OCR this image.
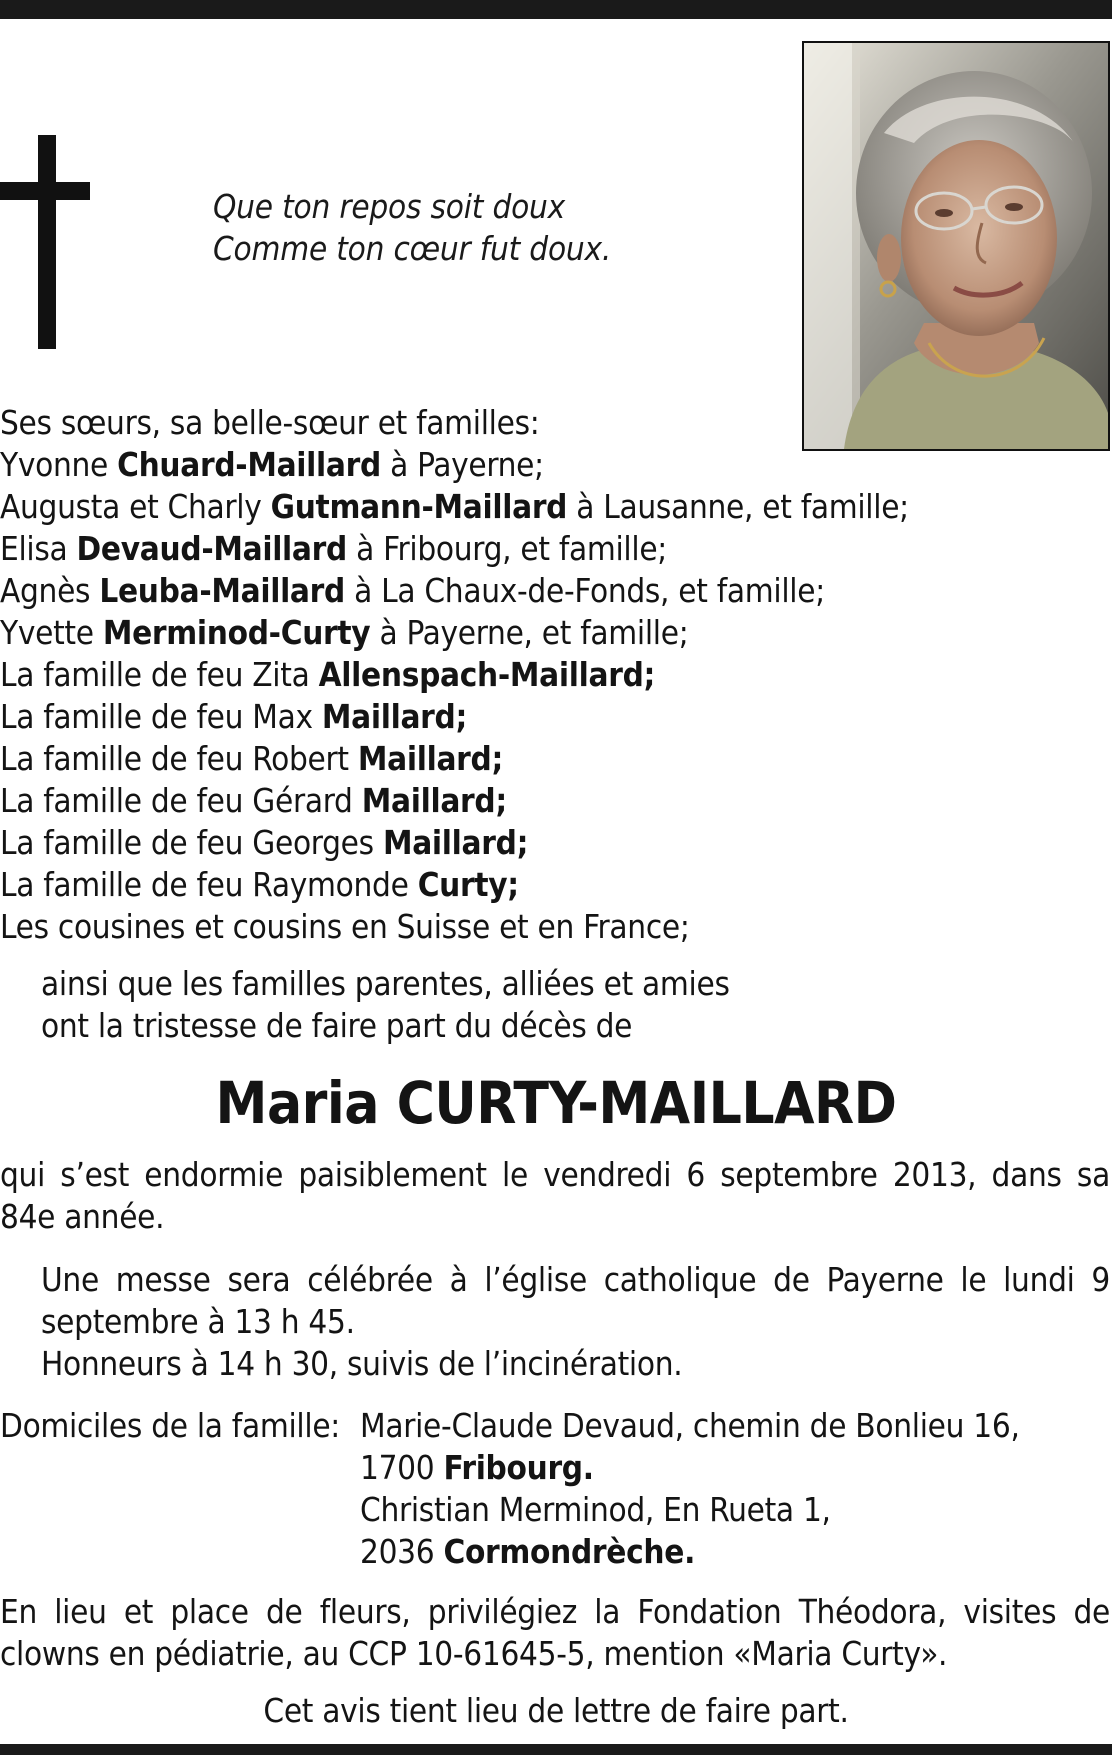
Que ton repos soit doux
Comme ton cœur fut doux.
Ses sœurs, sa belle-sœur et familles:
Yvonne Chuard-Maillard à Payerne;
Augusta et Charly Gutmann-Maillard à Lausanne, et famille;
Elisa Devaud-Maillard à Fribourg, et famille;
Agnès Leuba-Maillard à La Chaux-de-Fonds, et famille;
Yvette Merminod-Curty à Payerne, et famille;
La famille de feu Zita Allenspach-Maillard;
La famille de feu Max Maillard;
La famille de feu Robert Maillard;
La famille de feu Gérard Maillard;
La famille de feu Georges Maillard;
La famille de feu Raymonde Curty;
Les cousines et cousins en Suisse et en France;
ainsi que les familles parentes, alliées et amies
ont la tristesse de faire part du décès de
Maria CURTY-MAILLARD
qui s’est endormie paisiblement le vendredi 6 septembre 2013, dans sa 84e année.
Une messe sera célébrée à l’église catholique de Payerne le lundi 9 septembre à 13 h 45.
Honneurs à 14 h 30, suivis de l’incinération.
Domiciles de la famille: Marie-Claude Devaud, chemin de Bonlieu 16,
1700 Fribourg.
Christian Merminod, En Rueta 1,
2036 Cormondrèche.
En lieu et place de fleurs, privilégiez la Fondation Théodora, visites de clowns en pédiatrie, au CCP 10-61645-5, mention «Maria Curty».
Cet avis tient lieu de lettre de faire part.
